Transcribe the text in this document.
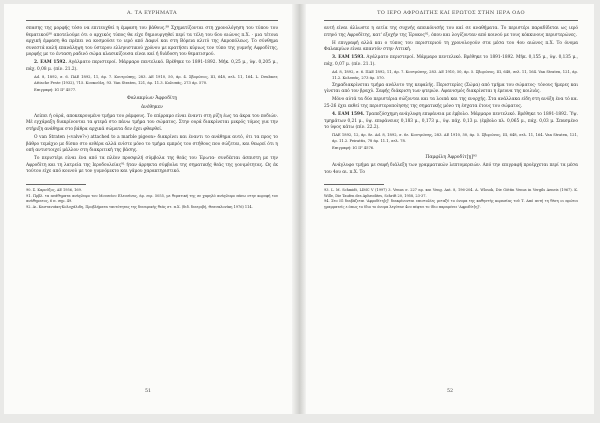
Α. ΤΑ ΕΥΡΗΜΑΤΑ

σπασης της μορφής τόσο να επιτευχθεί η έμφαση του βάθους.⁸⁹ Σχηματίζονται στη χρονολόγηση του τύπου του θεματικού⁹⁰ αποτελούμε ότι ο αρχικός τύπος θα είχε δημιουργηθεί περί τα τέλη του 6ου αιώνος π.Χ. · μια τέτοια αρχική έμφαση θα πρέπει να κοσμούσε το ιερό από Δαφνί και στη Βόρεια κλιτύ της Ακροπόλεως. Το σύνθημα συνεστά καλή επανάληψη του ύστερου ελληνιστικού χρόνου με κρατήσει κύριως τον τύπο της γυμνής Αφροδίτης, μορφής με το ένταση ραδινό σώμα κλασικίζουσα είναι καί ή διάδοση του θεματισμού.

2. ΕΑΜ 1592. Αγάλματο περιστεροί. Μάρμαρο πεντελικό. Βρέθηκε το 1891-1892. Μήκ. 0,25 μ., ύψ. 0,205 μ., πάχ. 0,08 μ. (πίν. 21.2).

Ad. 8, 1892, σ. 6. ΠΑΕ 1892, 11, άρ. 7. Κουτρώπης, 283. ΑΕ 1910, 50, άρ. 4. Σβορώνος, III, 648, σελ. 11, 164. L. Deubner, Attische Feste (1932), 715. Κουκούλη, 93. Van Straten, 121, άρ. 11.3. Κολυπάς, 273 άρ. 570.

Επιγραφή: IG II² 4577.

Φαλακρίων Ἀφροδίτῃ

ἀνέθηκεν

Λείπει ή ούρά, αποκεκρουμένο τμήμα του ράμφους. Το επίρραμο είναι έναντι στη ρίζη έως τα άκρα του ποδιών. Μέ εγχάραξη διακρίνονται τα φτερά στο πάνω τμήμα του σώματος. Στην ουρά διακρίνεται μικρός τόμος για την στήριξη ανάθημα στο βάθρα αρχικά σώματα δεν έχει φθαρθεί.

Ο van Straten («valve?») attached to a marble pigeon» διακρίνει και έναντι το ανάθημα αυτό, ότι τα προς το βάθρο τεμάχιο με δίσκο στο αιθέρα αλλά ενίστε μόνο το τμήμα εμπρός του στήθους που σώζεται, και θεωρεί ότι η οπή αντιστοιχεί μάλλον στη διακριτική της βάσης.

Το περιστέρι είναι ένα από τα πλέον προσφιλή σύμβολα της θεάς του Έρωτα· συνδέεται άσπιστη με την Αφροδίτη και τη λατρεία της Ιεροδουλείας⁹¹ ήταν άρρηκτα σύμβολα της σηματικής θεάς της γονιμότητας. Ως έκ τούτου είχε από κοινού με τον γυμνόμικτο και γάμου χαρακτηριστικό.

90. Σ. Καρούζος, ΑΕ 1956, 169.

91. Πρβλ. τα ανάθηματα ανάγλυφο του Μουσείου Ελευσίνας, άρ. ευρ. 5055, με θεματική της σε χαμηλό ανάγλυφο πάνω στην κορυφή του ανάθηματος, 6 π. σημ. 49.

92. Αι. Καστανιάκη-Κολυχάλιδη, Προβλήματα ταυτότητας της δυναμικής θεάς στ. π.Χ. (διδ. διατριβή, Θεσσαλονίκη 1976) 114.

51
ΤΟ ΙΕΡΟ ΑΦΡΟΔΙΤΗΣ ΚΑΙ ΕΡΩΤΟΣ ΣΤΗΝ ΙΕΡΑ ΟΔΟ

αυτή είναι άλλωστε η αιτία της συχνής απεικόνισής του καί σε αναθήματα. Το περιστέρι παραδίδεται ως ιερό πτηνό της Αφροδίτης, κατ' εξοχήν της Έρυκος⁹², όπου και λογίζονταν από κοινού με τους κόκκινους περιστερώνες.

Η επιγραφή αλλά και ο τύπος του περιστεριού τη χρονολογούν στα μέσα του 4ου αιώνος π.Χ. Το όνομα Φαλακρίων είναι απαντόν στην Αττική.

3. ΕΑΜ 1593. Αγάλματο περιστεροί. Μάρμαρο πεντελικό. Βρέθηκε το 1891-1892. Μήκ. 0,155 μ., ύψ. 0,135 μ., πάχ. 0,07 μ. (πίν. 21.1).

Ad. 8, 1892, σ. 6. ΠΑΕ 1892, 11, άρ. 7. Κουτρώπης, 283. ΑΕ 1910, 50, άρ. 5. Σβορώνος, III, 648, σελ. 11, 164. Van Straten, 121, άρ. 11.2. Κολυπάς, 273 άρ. 570.

Σημαδιακρίνεται τμήμα ανάλυτο της κεφαλής. Περιστερίες (Σώμα) από τμήμα του σώματος· τόνους ήμερες και γίνεται από τον βραχύ. Σαφής διάκριση των φτερών. Αφανισμός διακρίνεται η έρευνα της κοιλιάς.

Μόνο αύτά τα δύο περιστέρια σώζονται και τα λοιπά και της ενορχής. Στα ανάλλακα είδη στη ανύξη ένα τό κα. 25-26 έχει εκθεί της περιστεροποίησης της σηματικής μόνο τη έσχατα έτους του σώματος.

4. ΕΑΜ 1594. Τραπεζόσχημη ανάγλυφη επιφάνεια με έμβολο. Μάρμαρο πεντελικό. Βρέθηκε το 1891-1892. Ύψ. τμημάτων 0,21 μ., ύψ. επιφάνειας 0,183 μ., 0,173 μ., ύψ. πάχ. 0,13 μ. (έμβολο πλ. 0,065 μ., πάχ. 0,03 μ. Σπασμένο το ύψος κάτω (πίν. 22.2).

ΠΑΕ 1892, 12, άρ. 8ε. Ad. 8, 1892, σ. 6ε. Κουτρώπης, 283. ΑΕ 1910, 50, άρ. 5. Σβορώνος, III, 648, σελ. 11, 164. Van Straten, 121, άρ. 11.2. Peirattis, 78 άρ. 11.1, σελ. 78.

Επιγραφή: IG II² 4576.

Παμφίλη Ἀφροδίτ[ῃ]⁹³

Ανάγλυφο τμήμα με σαφή διάλεξη των γραμματικών λεπτομερειών. Από την επιγραφή προέρχεται περί τα μέσα του 4ου αι. π.Χ. Το

93. L. M. Schmidt, LIMC V (1997) 3. Venus σ. 227 αρ. και Veng. Ant. 8, 196-204. A. Wlosok, Die Göttin Venus in Vergils Aeneis (1967). K. Wille, Die Taufen des Aphrodites, Schrift 20, 1958, 23-37.

94. Στο ΙG διαβάζεται 'Αφροδίτη[ς]' διακρίνονται επιστολίες μεταξύ το όνομα της καθηστής κορασίας τοῦ Τ. Από αυτή τη θέση οι πρώτοι γραμματείς ε όπως το ίδιο το όνομα λεγόταν 4ου πέφτει το ίδιο παραμένει 'Αφροδίτ[η]'.

52
